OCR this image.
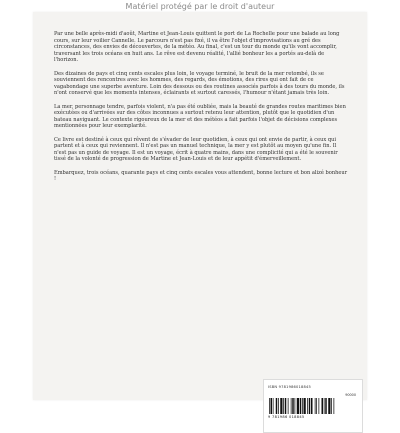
Matériel protégé par le droit d'auteur

Par une belle après-midi d'août, Martine et Jean-Louis quittent le port de La Rochelle pour une balade au long cours, sur leur voilier Cannelle. Le parcours n'est pas fixé, il va être l'objet d'improvisations au gré des circonstances, des envies de découvertes, de la météo. Au final, c'est un tour du monde qu'ils vont accomplir, traversant les trois océans en huit ans. Le rêve est devenu réalité, l'allié bonheur les a portés au-delà de l'horizon.

Des dizaines de pays et cinq cents escales plus loin, le voyage terminé, le bruit de la mer retombé, ils se souviennent des rencontres avec les hommes, des regards, des émotions, des rires qui ont fait de ce vagabondage une superbe aventure. Loin des dessous ou des routines associés parfois à des tours du monde, ils n'ont conservé que les moments intenses, éclairants et surtout caressés, l'humour n'étant jamais très loin.

La mer, personnage tendre, parfois violent, n'a pas été oubliée, mais la beauté de grandes routes maritimes bien exécutées ou d'arrivées sur des côtes inconnues a surtout retenu leur attention, plutôt que le quotidien d'un bateau naviguant. Le contexte rigoureux de la mer et des météos a fait parfois l'objet de décisions complexes mentionnées pour leur exemplarité.

Ce livre est destiné à ceux qui rêvent de s'évader de leur quotidien, à ceux qui ont envie de partir, à ceux qui partent et à ceux qui reviennent. Il n'est pas un manuel technique, la mer y est plutôt au moyen qu'une fin. Il n'est pas un guide de voyage. Il est un voyage, écrit à quatre mains, dans une complicité qui a été le souvenir tissé de la volonté de progression de Martine et Jean-Louis et de leur appétit d'émerveillement.

Embarquez, trois océans, quarante pays et cinq cents escales vous attendent, bonne lecture et bon alizé bonheur !

ISBN 9781986018845
90000
9 781986 018845
